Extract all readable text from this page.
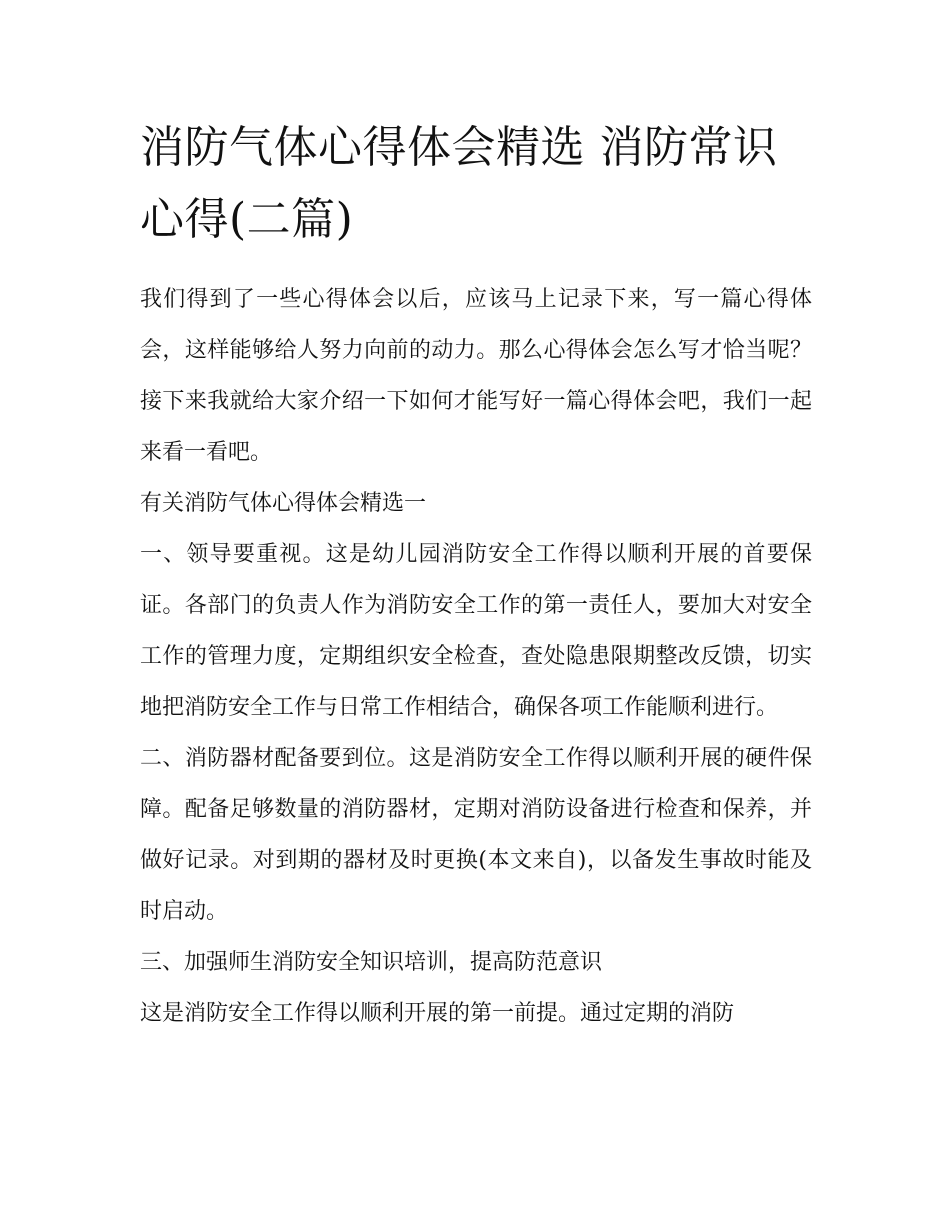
消防气体心得体会精选 消防常识心得(二篇)

我们得到了一些心得体会以后，应该马上记录下来，写一篇心得体会，这样能够给人努力向前的动力。那么心得体会怎么写才恰当呢？接下来我就给大家介绍一下如何才能写好一篇心得体会吧，我们一起来看一看吧。

有关消防气体心得体会精选一

一、领导要重视。这是幼儿园消防安全工作得以顺利开展的首要保证。各部门的负责人作为消防安全工作的第一责任人，要加大对安全工作的管理力度，定期组织安全检查，查处隐患限期整改反馈，切实地把消防安全工作与日常工作相结合，确保各项工作能顺利进行。

二、消防器材配备要到位。这是消防安全工作得以顺利开展的硬件保障。配备足够数量的消防器材，定期对消防设备进行检查和保养，并做好记录。对到期的器材及时更换(本文来自)，以备发生事故时能及时启动。

三、加强师生消防安全知识培训，提高防范意识

这是消防安全工作得以顺利开展的第一前提。通过定期的消防
